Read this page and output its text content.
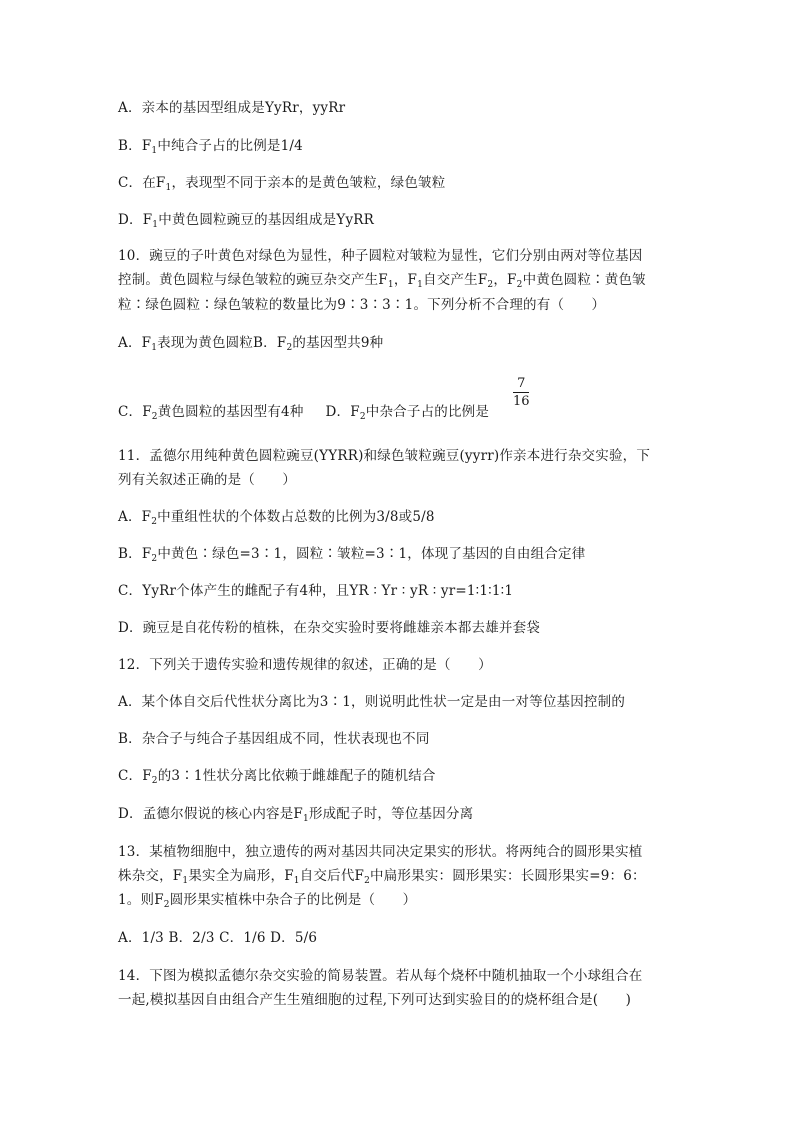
A．亲本的基因型组成是YyRr，yyRr
B．$F_1$中纯合子占的比例是1/4
C．在$F_1$，表现型不同于亲本的是黄色皱粒，绿色皱粒
D．$F_1$中黄色圆粒豌豆的基因组成是YyRR
10．豌豆的子叶黄色对绿色为显性，种子圆粒对皱粒为显性，它们分别由两对等位基因
控制。黄色圆粒与绿色皱粒的豌豆杂交产生$F_1$，$F_1$自交产生$F_2$，$F_2$中黄色圆粒∶黄色皱
粒∶绿色圆粒∶绿色皱粒的数量比为9∶3∶3∶1。下列分析不合理的有（　　）
A．$F_1$表现为黄色圆粒B．$F_2$的基因型共9种
C．$F_2$黄色圆粒的基因型有4种 D．$F_2$中杂合子占的比例是
7
16
11．孟德尔用纯种黄色圆粒豌豆(YYRR)和绿色皱粒豌豆(yyrr)作亲本进行杂交实验，下
列有关叙述正确的是（　　）
A．$F_2$中重组性状的个体数占总数的比例为3/8或5/8
B．$F_2$中黄色∶绿色=3∶1，圆粒∶皱粒=3∶1，体现了基因的自由组合定律
C．YyRr个体产生的雌配子有4种，且YR ∶ Yr ∶ yR ∶ yr=1∶1∶1∶1
D．豌豆是自花传粉的植株，在杂交实验时要将雌雄亲本都去雄并套袋
12．下列关于遗传实验和遗传规律的叙述，正确的是（　　）
A．某个体自交后代性状分离比为3∶1，则说明此性状一定是由一对等位基因控制的
B．杂合子与纯合子基因组成不同，性状表现也不同
C．$F_2$的3∶1性状分离比依赖于雌雄配子的随机结合
D．孟德尔假说的核心内容是$F_1$形成配子时，等位基因分离
13．某植物细胞中，独立遗传的两对基因共同决定果实的形状。将两纯合的圆形果实植
株杂交，$F_1$果实全为扁形，$F_1$自交后代$F_2$中扁形果实：圆形果实：长圆形果实=9：6：
1。则$F_2$圆形果实植株中杂合子的比例是（　　）
A．1/3 B．2/3 C．1/6 D．5/6
14．下图为模拟孟德尔杂交实验的简易装置。若从每个烧杯中随机抽取一个小球组合在
一起,模拟基因自由组合产生生殖细胞的过程,下列可达到实验目的的烧杯组合是(　　)
